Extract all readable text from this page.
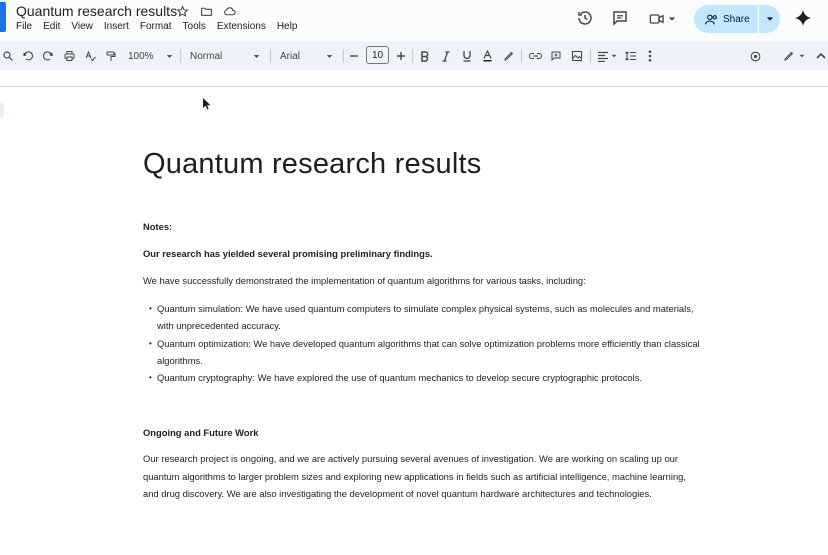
Quantum research results
File Edit View Insert Format Tools Extensions Help
Share
100%	Normal	Arial	10
Quantum research results
Notes:
Our research has yielded several promising preliminary findings.
We have successfully demonstrated the implementation of quantum algorithms for various tasks, including:
• Quantum simulation: We have used quantum computers to simulate complex physical systems, such as molecules and materials, with unprecedented accuracy.
• Quantum optimization: We have developed quantum algorithms that can solve optimization problems more efficiently than classical algorithms.
• Quantum cryptography: We have explored the use of quantum mechanics to develop secure cryptographic protocols.
Ongoing and Future Work
Our research project is ongoing, and we are actively pursuing several avenues of investigation. We are working on scaling up our quantum algorithms to larger problem sizes and exploring new applications in fields such as artificial intelligence, machine learning, and drug discovery. We are also investigating the development of novel quantum hardware architectures and technologies.
